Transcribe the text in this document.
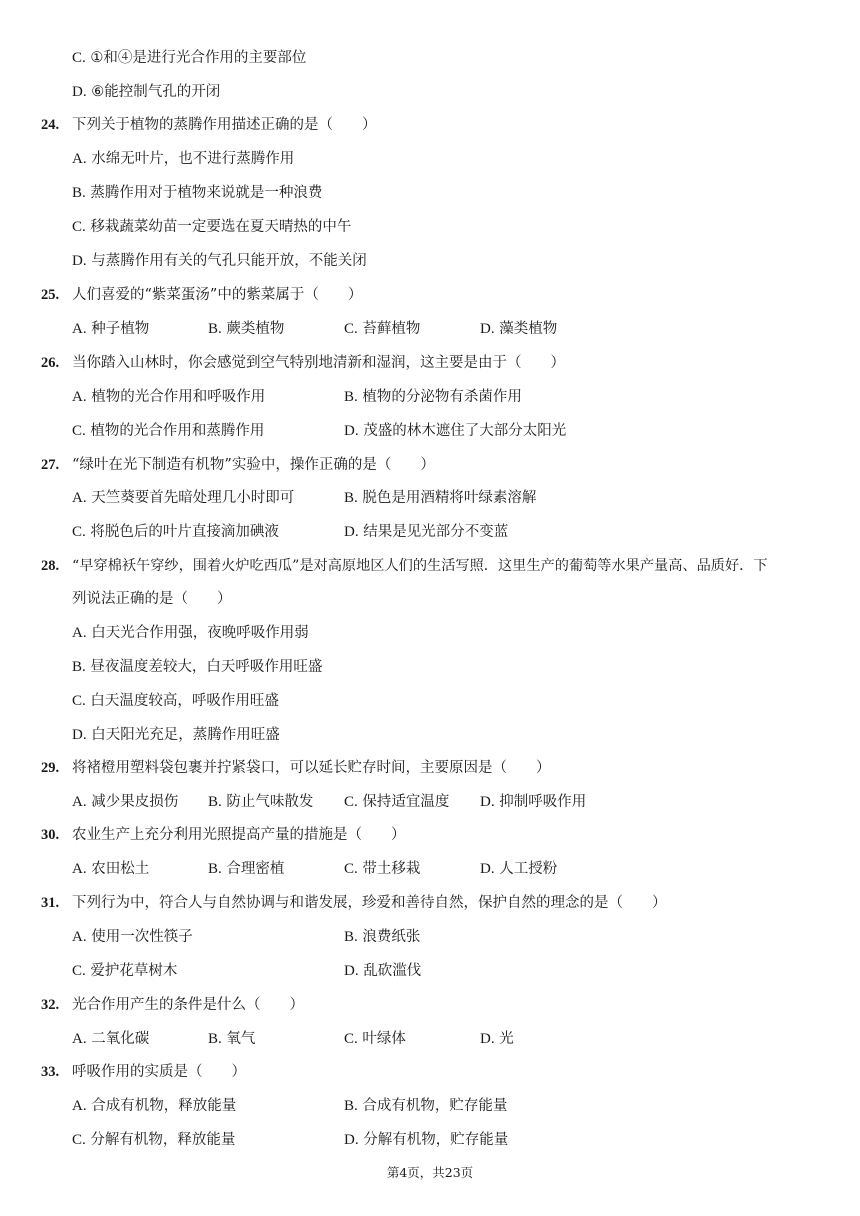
C. ①和④是进行光合作用的主要部位
D. ⑥能控制气孔的开闭
24. 下列关于植物的蒸腾作用描述正确的是（　　）
A. 水绵无叶片，也不进行蒸腾作用
B. 蒸腾作用对于植物来说就是一种浪费
C. 移栽蔬菜幼苗一定要选在夏天晴热的中午
D. 与蒸腾作用有关的气孔只能开放，不能关闭
25. 人们喜爱的“紫菜蛋汤”中的紫菜属于（　　）
A. 种子植物	B. 蕨类植物	C. 苔藓植物	D. 藻类植物
26. 当你踏入山林时，你会感觉到空气特别地清新和湿润，这主要是由于（　　）
A. 植物的光合作用和呼吸作用	B. 植物的分泌物有杀菌作用
C. 植物的光合作用和蒸腾作用	D. 茂盛的林木遮住了大部分太阳光
27. “绿叶在光下制造有机物”实验中，操作正确的是（　　）
A. 天竺葵要首先暗处理几小时即可	B. 脱色是用酒精将叶绿素溶解
C. 将脱色后的叶片直接滴加碘液	D. 结果是见光部分不变蓝
28. “早穿棉袄午穿纱，围着火炉吃西瓜”是对高原地区人们的生活写照．这里生产的葡萄等水果产量高、品质好．下
列说法正确的是（　　）
A. 白天光合作用强，夜晚呼吸作用弱
B. 昼夜温度差较大，白天呼吸作用旺盛
C. 白天温度较高，呼吸作用旺盛
D. 白天阳光充足，蒸腾作用旺盛
29. 将褚橙用塑料袋包裹并拧紧袋口，可以延长贮存时间，主要原因是（　　）
A. 减少果皮损伤 B. 防止气味散发 C. 保持适宜温度 D. 抑制呼吸作用
30. 农业生产上充分利用光照提高产量的措施是（　　）
A. 农田松土	B. 合理密植	C. 带土移栽	D. 人工授粉
31. 下列行为中，符合人与自然协调与和谐发展，珍爱和善待自然，保护自然的理念的是（　　）
A. 使用一次性筷子	B. 浪费纸张
C. 爱护花草树木	D. 乱砍滥伐
32. 光合作用产生的条件是什么（　　）
A. 二氧化碳	B. 氧气	C. 叶绿体	D. 光
33. 呼吸作用的实质是（　　）
A. 合成有机物，释放能量	B. 合成有机物，贮存能量
C. 分解有机物，释放能量	D. 分解有机物，贮存能量
第4页，共23页
